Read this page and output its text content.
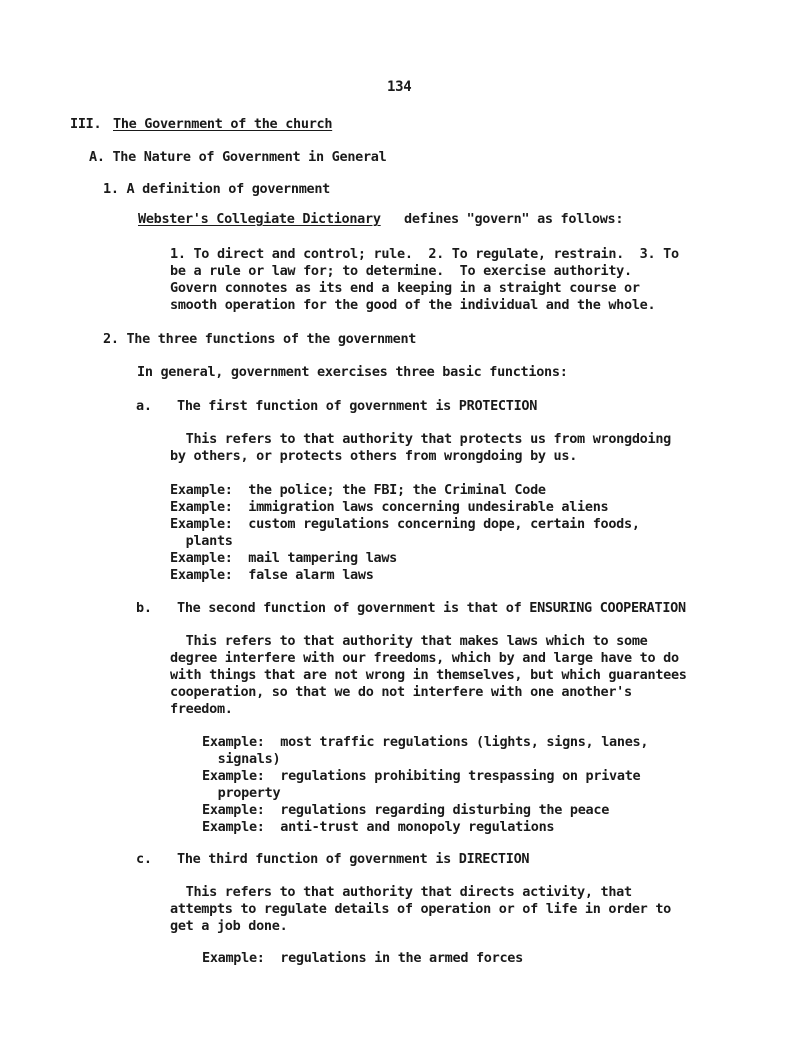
134
III. The Government of the church
A. The Nature of Government in General
1. A definition of government
Webster's Collegiate Dictionary defines "govern" as follows:
1. To direct and control; rule.  2. To regulate, restrain.  3. To
be a rule or law for; to determine.  To exercise authority.
Govern connotes as its end a keeping in a straight course or
smooth operation for the good of the individual and the whole.
2. The three functions of the government
In general, government exercises three basic functions:
a. The first function of government is PROTECTION
This refers to that authority that protects us from wrongdoing
by others, or protects others from wrongdoing by us.
Example:  the police; the FBI; the Criminal Code
Example:  immigration laws concerning undesirable aliens
Example:  custom regulations concerning dope, certain foods,
plants
Example:  mail tampering laws
Example:  false alarm laws
b. The second function of government is that of ENSURING COOPERATION
This refers to that authority that makes laws which to some
degree interfere with our freedoms, which by and large have to do
with things that are not wrong in themselves, but which guarantees
cooperation, so that we do not interfere with one another's
freedom.
Example:  most traffic regulations (lights, signs, lanes,
signals)
Example:  regulations prohibiting trespassing on private
property
Example:  regulations regarding disturbing the peace
Example:  anti-trust and monopoly regulations
c. The third function of government is DIRECTION
This refers to that authority that directs activity, that
attempts to regulate details of operation or of life in order to
get a job done.
Example:  regulations in the armed forces
